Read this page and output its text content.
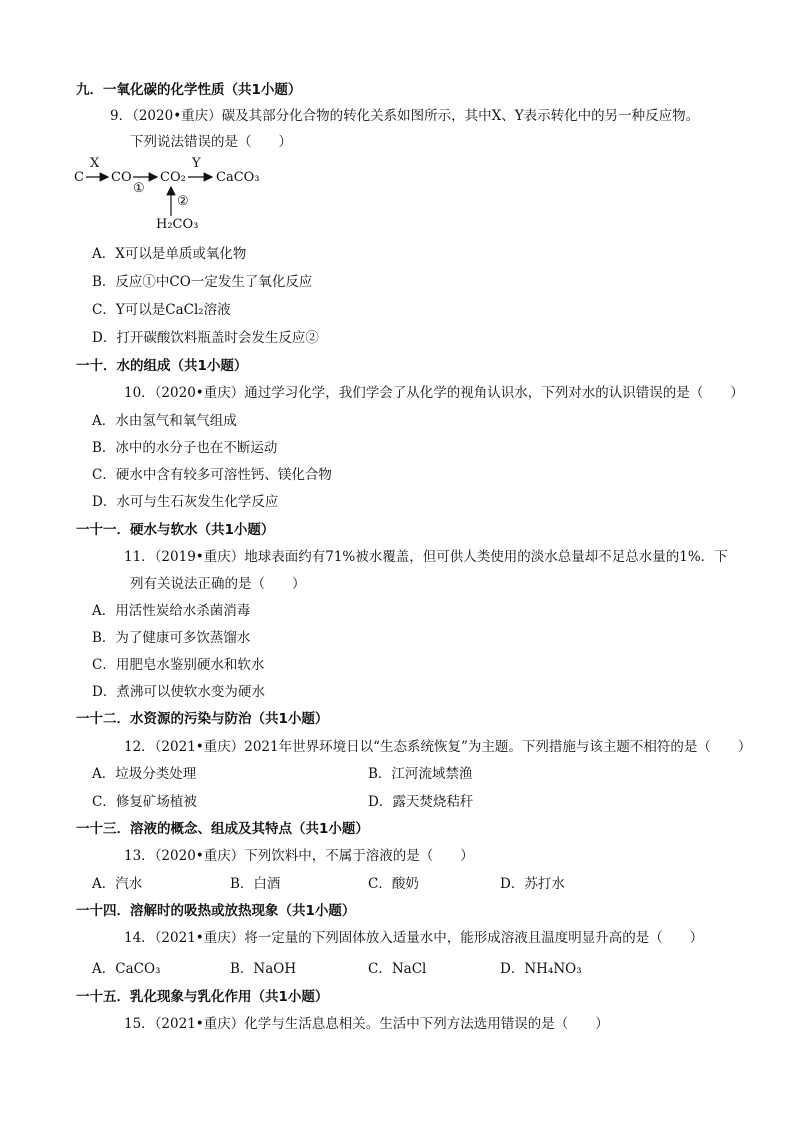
九．一氧化碳的化学性质（共1小题）
9．（2020•重庆）碳及其部分化合物的转化关系如图所示，其中X、Y表示转化中的另一种反应物。
下列说法错误的是（　　）
C
X
CO
①
CO₂
Y
CaCO₃
②
H₂CO₃
A．X可以是单质或氧化物
B．反应①中CO一定发生了氧化反应
C．Y可以是CaCl₂溶液
D．打开碳酸饮料瓶盖时会发生反应②
一十．水的组成（共1小题）
10．（2020•重庆）通过学习化学，我们学会了从化学的视角认识水，下列对水的认识错误的是（　　）
A．水由氢气和氧气组成
B．冰中的水分子也在不断运动
C．硬水中含有较多可溶性钙、镁化合物
D．水可与生石灰发生化学反应
一十一．硬水与软水（共1小题）
11．（2019•重庆）地球表面约有71%被水覆盖，但可供人类使用的淡水总量却不足总水量的1%．下
列有关说法正确的是（　　）
A．用活性炭给水杀菌消毒
B．为了健康可多饮蒸馏水
C．用肥皂水鉴别硬水和软水
D．煮沸可以使软水变为硬水
一十二．水资源的污染与防治（共1小题）
12．（2021•重庆）2021年世界环境日以“生态系统恢复”为主题。下列措施与该主题不相符的是（　　）
A．垃圾分类处理	B．江河流域禁渔
C．修复矿场植被	D．露天焚烧秸秆
一十三．溶液的概念、组成及其特点（共1小题）
13．（2020•重庆）下列饮料中，不属于溶液的是（　　）
A．汽水	B．白酒	C．酸奶	D．苏打水
一十四．溶解时的吸热或放热现象（共1小题）
14．（2021•重庆）将一定量的下列固体放入适量水中，能形成溶液且温度明显升高的是（　　）
A．CaCO₃	B．NaOH	C．NaCl	D．NH₄NO₃
一十五．乳化现象与乳化作用（共1小题）
15．（2021•重庆）化学与生活息息相关。生活中下列方法选用错误的是（　　）
